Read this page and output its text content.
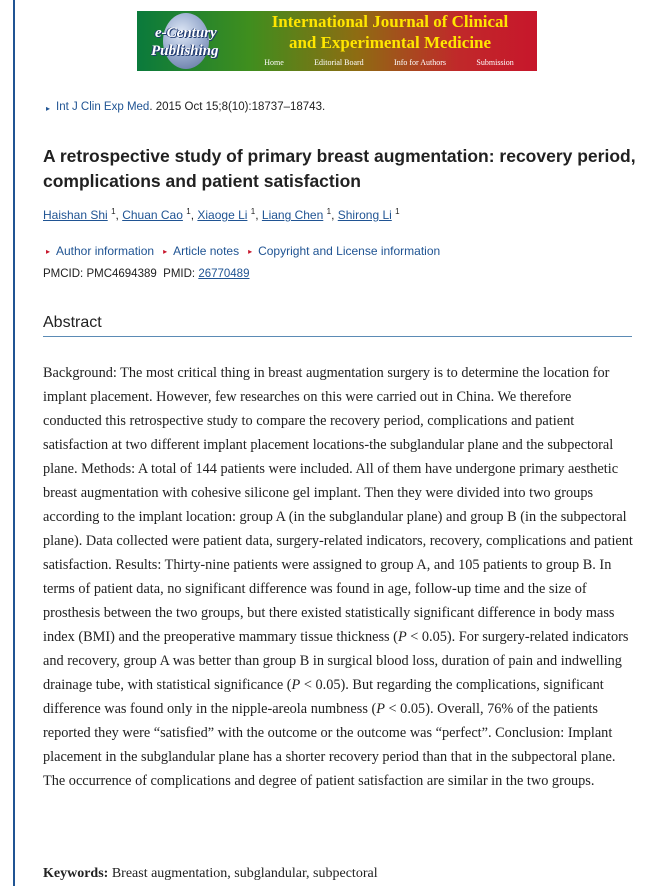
e-Century
Publishing
International Journal of Clinical
and Experimental Medicine
Home	Editorial Board	Info for Authors	Submission
▸ Int J Clin Exp Med. 2015 Oct 15;8(10):18737–18743.
A retrospective study of primary breast augmentation: recovery period, complications and patient satisfaction
Haishan Shi $^1$, Chuan Cao $^1$, Xiaoge Li $^1$, Liang Chen $^1$, Shirong Li $^1$
▸ Author information ▸ Article notes ▸ Copyright and License information
PMCID: PMC4694389 PMID: 26770489
Abstract
Background: The most critical thing in breast augmentation surgery is to determine the location for implant placement. However, few researches on this were carried out in China. We therefore conducted this retrospective study to compare the recovery period, complications and patient satisfaction at two different implant placement locations-the subglandular plane and the subpectoral plane. Methods: A total of 144 patients were included. All of them have undergone primary aesthetic breast augmentation with cohesive silicone gel implant. Then they were divided into two groups according to the implant location: group A (in the subglandular plane) and group B (in the subpectoral plane). Data collected were patient data, surgery-related indicators, recovery, complications and patient satisfaction. Results: Thirty-nine patients were assigned to group A, and 105 patients to group B. In terms of patient data, no significant difference was found in age, follow-up time and the size of prosthesis between the two groups, but there existed statistically significant difference in body mass index (BMI) and the preoperative mammary tissue thickness (P < 0.05). For surgery-related indicators and recovery, group A was better than group B in surgical blood loss, duration of pain and indwelling drainage tube, with statistical significance (P < 0.05). But regarding the complications, significant difference was found only in the nipple-areola numbness (P < 0.05). Overall, 76% of the patients reported they were “satisfied” with the outcome or the outcome was “perfect”. Conclusion: Implant placement in the subglandular plane has a shorter recovery period than that in the subpectoral plane. The occurrence of complications and degree of patient satisfaction are similar in the two groups.
Keywords: Breast augmentation, subglandular, subpectoral
